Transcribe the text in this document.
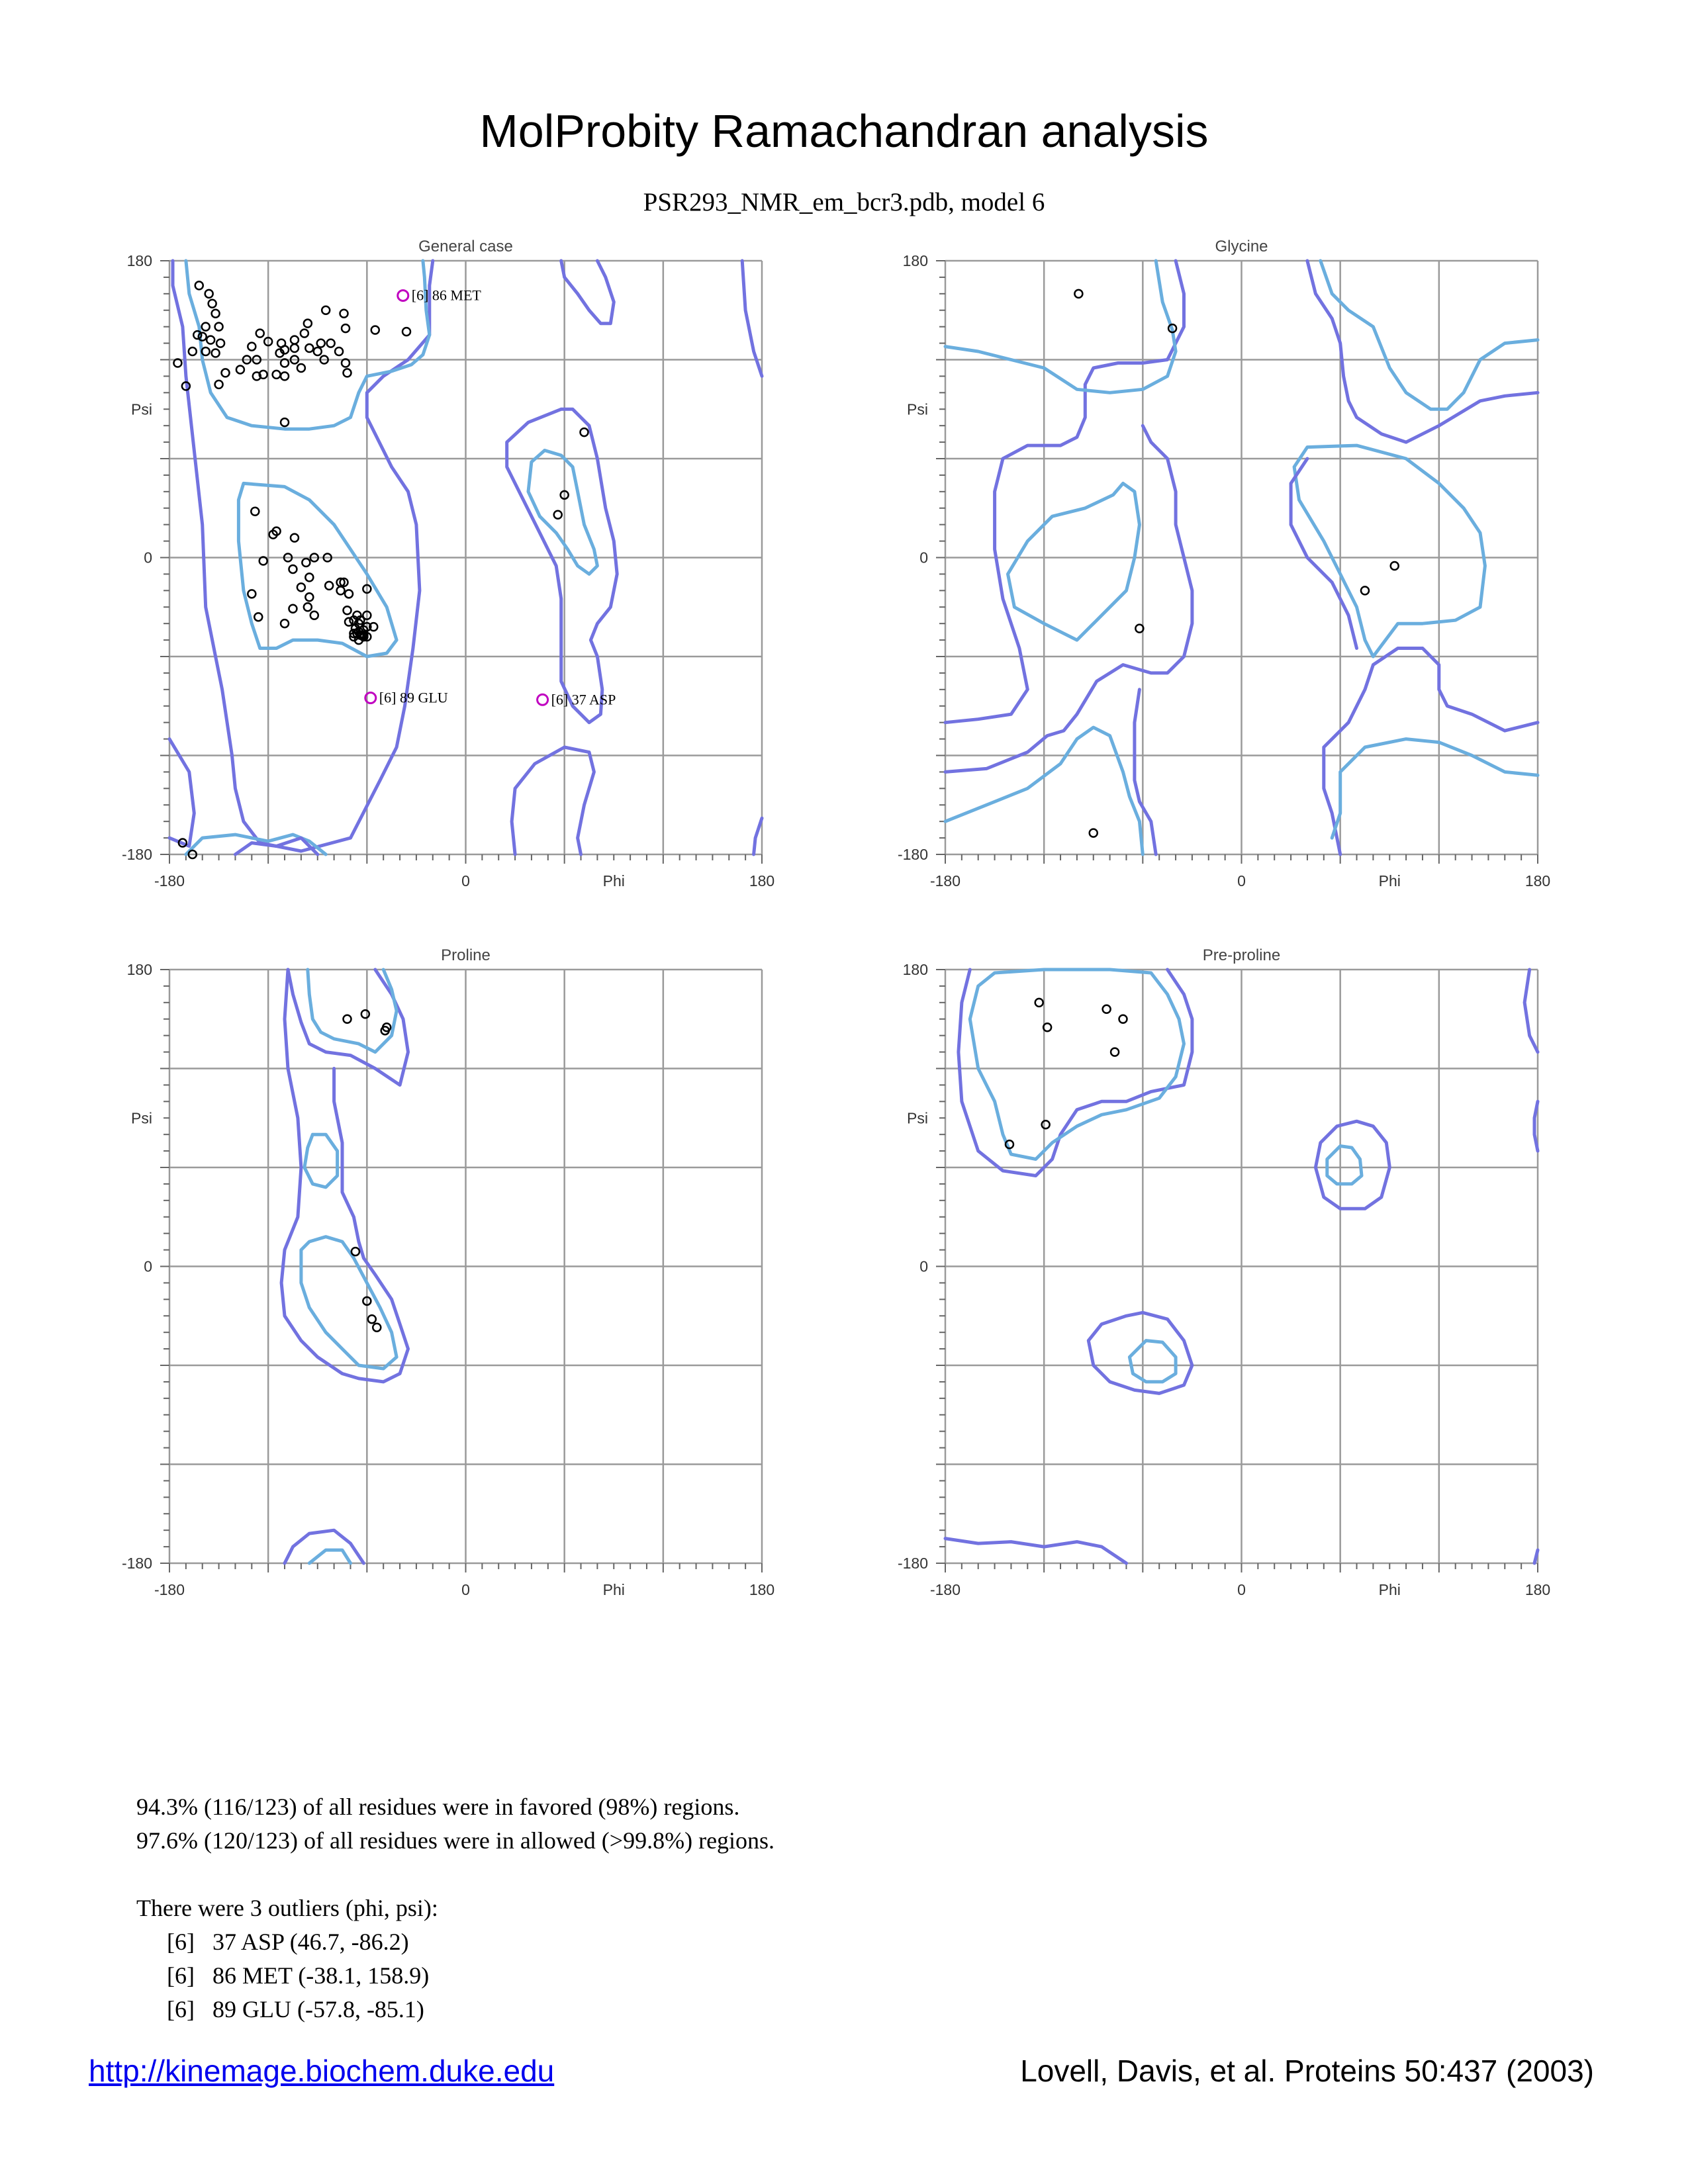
MolProbity Ramachandran analysis
PSR293_NMR_em_bcr3.pdb, model 6
General case
-180	0	Phi	180
180
Psi
0
-180
[6] 86 MET
[6] 89 GLU	[6] 37 ASP
Glycine
-180	0	Phi	180
180
Psi
0
-180
Proline
-180	0	Phi	180
180
Psi
0
-180
Pre-proline
-180	0	Phi	180
180
Psi
0
-180
94.3% (116/123) of all residues were in favored (98%) regions.
97.6% (120/123) of all residues were in allowed (>99.8%) regions.
There were 3 outliers (phi, psi):
[6]   37 ASP (46.7, -86.2)
[6]   86 MET (-38.1, 158.9)
[6]   89 GLU (-57.8, -85.1)
http://kinemage.biochem.duke.edu	Lovell, Davis, et al. Proteins 50:437 (2003)
